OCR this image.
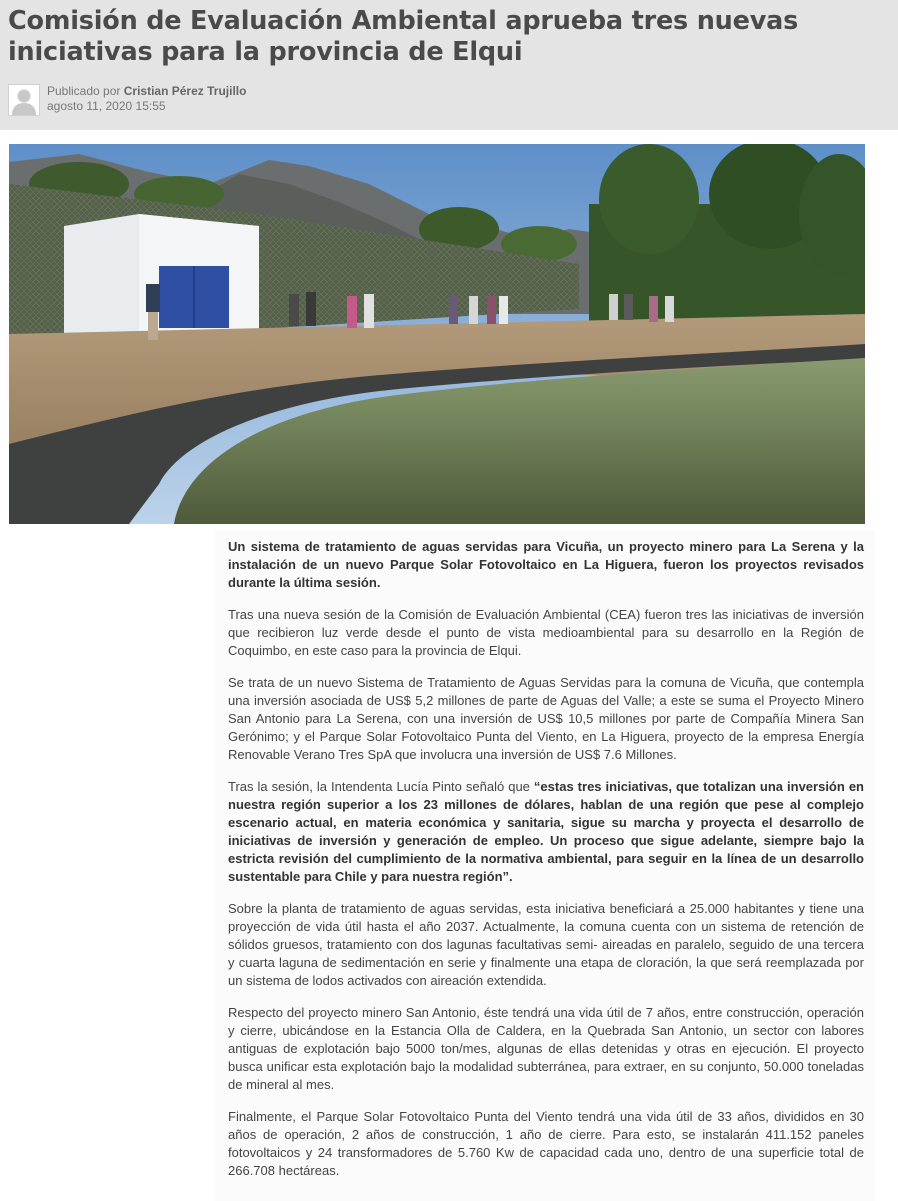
Comisión de Evaluación Ambiental aprueba tres nuevas iniciativas para la provincia de Elqui
Publicado por Cristian Pérez Trujillo
agosto 11, 2020 15:55

Un sistema de tratamiento de aguas servidas para Vicuña, un proyecto minero para La Serena y la instalación de un nuevo Parque Solar Fotovoltaico en La Higuera, fueron los proyectos revisados durante la última sesión.

Tras una nueva sesión de la Comisión de Evaluación Ambiental (CEA) fueron tres las iniciativas de inversión que recibieron luz verde desde el punto de vista medioambiental para su desarrollo en la Región de Coquimbo, en este caso para la provincia de Elqui.

Se trata de un nuevo Sistema de Tratamiento de Aguas Servidas para la comuna de Vicuña, que contempla una inversión asociada de US$ 5,2 millones de parte de Aguas del Valle; a este se suma el Proyecto Minero San Antonio para La Serena, con una inversión de US$ 10,5 millones por parte de Compañía Minera San Gerónimo; y el Parque Solar Fotovoltaico Punta del Viento, en La Higuera, proyecto de la empresa Energía Renovable Verano Tres SpA que involucra una inversión de US$ 7.6 Millones.

Tras la sesión, la Intendenta Lucía Pinto señaló que “estas tres iniciativas, que totalizan una inversión en nuestra región superior a los 23 millones de dólares, hablan de una región que pese al complejo escenario actual, en materia económica y sanitaria, sigue su marcha y proyecta el desarrollo de iniciativas de inversión y generación de empleo. Un proceso que sigue adelante, siempre bajo la estricta revisión del cumplimiento de la normativa ambiental, para seguir en la línea de un desarrollo sustentable para Chile y para nuestra región”.

Sobre la planta de tratamiento de aguas servidas, esta iniciativa beneficiará a 25.000 habitantes y tiene una proyección de vida útil hasta el año 2037. Actualmente, la comuna cuenta con un sistema de retención de sólidos gruesos, tratamiento con dos lagunas facultativas semi- aireadas en paralelo, seguido de una tercera y cuarta laguna de sedimentación en serie y finalmente una etapa de cloración, la que será reemplazada por un sistema de lodos activados con aireación extendida.

Respecto del proyecto minero San Antonio, éste tendrá una vida útil de 7 años, entre construcción, operación y cierre, ubicándose en la Estancia Olla de Caldera, en la Quebrada San Antonio, un sector con labores antiguas de explotación bajo 5000 ton/mes, algunas de ellas detenidas y otras en ejecución. El proyecto busca unificar esta explotación bajo la modalidad subterránea, para extraer, en su conjunto, 50.000 toneladas de mineral al mes.

Finalmente, el Parque Solar Fotovoltaico Punta del Viento tendrá una vida útil de 33 años, divididos en 30 años de operación, 2 años de construcción, 1 año de cierre. Para esto, se instalarán 411.152 paneles fotovoltaicos y 24 transformadores de 5.760 Kw de capacidad cada uno, dentro de una superficie total de 266.708 hectáreas.
